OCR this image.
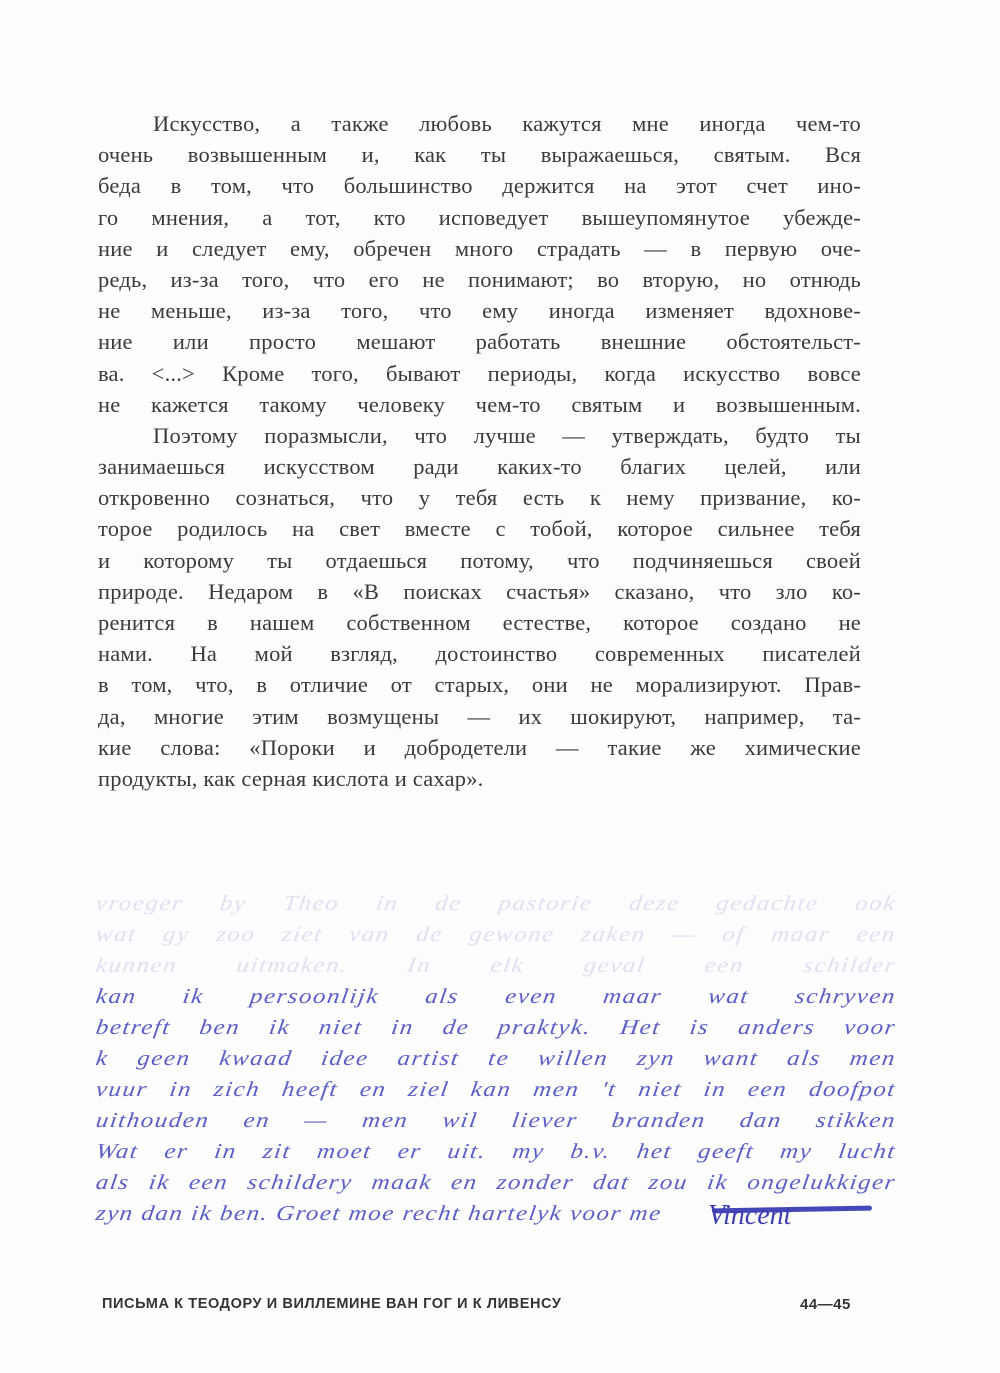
Искусство, а также любовь кажутся мне иногда чем-то
очень возвышенным и, как ты выражаешься, святым. Вся
беда в том, что большинство держится на этот счет ино-
го мнения, а тот, кто исповедует вышеупомянутое убежде-
ние и следует ему, обречен много страдать — в первую оче-
редь, из-за того, что его не понимают; во вторую, но отнюдь
не меньше, из-за того, что ему иногда изменяет вдохнове-
ние или просто мешают работать внешние обстоятельст-
ва. <...> Кроме того, бывают периоды, когда искусство вовсе
не кажется такому человеку чем-то святым и возвышенным.
Поэтому поразмысли, что лучше — утверждать, будто ты
занимаешься искусством ради каких-то благих целей, или
откровенно сознаться, что у тебя есть к нему призвание, ко-
торое родилось на свет вместе с тобой, которое сильнее тебя
и которому ты отдаешься потому, что подчиняешься своей
природе. Недаром в «В поисках счастья» сказано, что зло ко-
ренится в нашем собственном естестве, которое создано не
нами. На мой взгляд, достоинство современных писателей
в том, что, в отличие от старых, они не морализируют. Прав-
да, многие этим возмущены — их шокируют, например, та-
кие слова: «Пороки и добродетели — такие же химические
продукты, как серная кислота и сахар».
vroeger by Theo in de pastorie deze gedachte ook
wat gy zoo ziet van de gewone zaken — of maar een
kunnen uitmaken. In elk geval een schilder
kan ik persoonlijk als even maar wat schryven
betreft ben ik niet in de praktyk. Het is anders voor
k geen kwaad idee artist te willen zyn want als men
vuur in zich heeft en ziel kan men 't niet in een doofpot
uithouden en — men wil liever branden dan stikken
Wat er in zit moet er uit. my b.v. het geeft my lucht
als ik een schildery maak en zonder dat zou ik ongelukkiger
zyn dan ik ben. Groet moe recht hartelyk voor me	Vincent
ПИСЬМА К ТЕОДОРУ И ВИЛЛЕМИНЕ ВАН ГОГ И К ЛИВЕНСУ	44—45
